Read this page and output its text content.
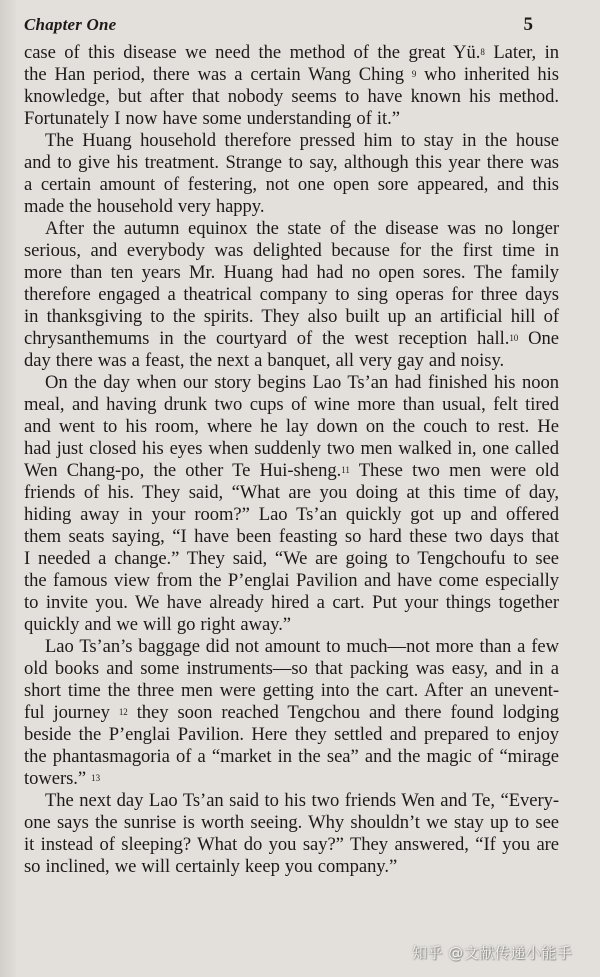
Chapter One	5
case of this disease we need the method of the great Yü.$^8$ Later, in
the Han period, there was a certain Wang Ching $^9$ who inherited his
knowledge, but after that nobody seems to have known his method.
Fortunately I now have some understanding of it.”
The Huang household therefore pressed him to stay in the house
and to give his treatment. Strange to say, although this year there was
a certain amount of festering, not one open sore appeared, and this
made the household very happy.
After the autumn equinox the state of the disease was no longer
serious, and everybody was delighted because for the first time in
more than ten years Mr. Huang had had no open sores. The family
therefore engaged a theatrical company to sing operas for three days
in thanksgiving to the spirits. They also built up an artificial hill of
chrysanthemums in the courtyard of the west reception hall.$^{10}$ One
day there was a feast, the next a banquet, all very gay and noisy.
On the day when our story begins Lao Ts’an had finished his noon
meal, and having drunk two cups of wine more than usual, felt tired
and went to his room, where he lay down on the couch to rest. He
had just closed his eyes when suddenly two men walked in, one called
Wen Chang-po, the other Te Hui-sheng.$^{11}$ These two men were old
friends of his. They said, “What are you doing at this time of day,
hiding away in your room?” Lao Ts’an quickly got up and offered
them seats saying, “I have been feasting so hard these two days that
I needed a change.” They said, “We are going to Tengchoufu to see
the famous view from the P’englai Pavilion and have come especially
to invite you. We have already hired a cart. Put your things together
quickly and we will go right away.”
Lao Ts’an’s baggage did not amount to much—not more than a few
old books and some instruments—so that packing was easy, and in a
short time the three men were getting into the cart. After an unevent-
ful journey $^{12}$ they soon reached Tengchou and there found lodging
beside the P’englai Pavilion. Here they settled and prepared to enjoy
the phantasmagoria of a “market in the sea” and the magic of “mirage
towers.” $^{13}$
The next day Lao Ts’an said to his two friends Wen and Te, “Every-
one says the sunrise is worth seeing. Why shouldn’t we stay up to see
it instead of sleeping? What do you say?” They answered, “If you are
so inclined, we will certainly keep you company.”
知乎 @文献传递小能手
